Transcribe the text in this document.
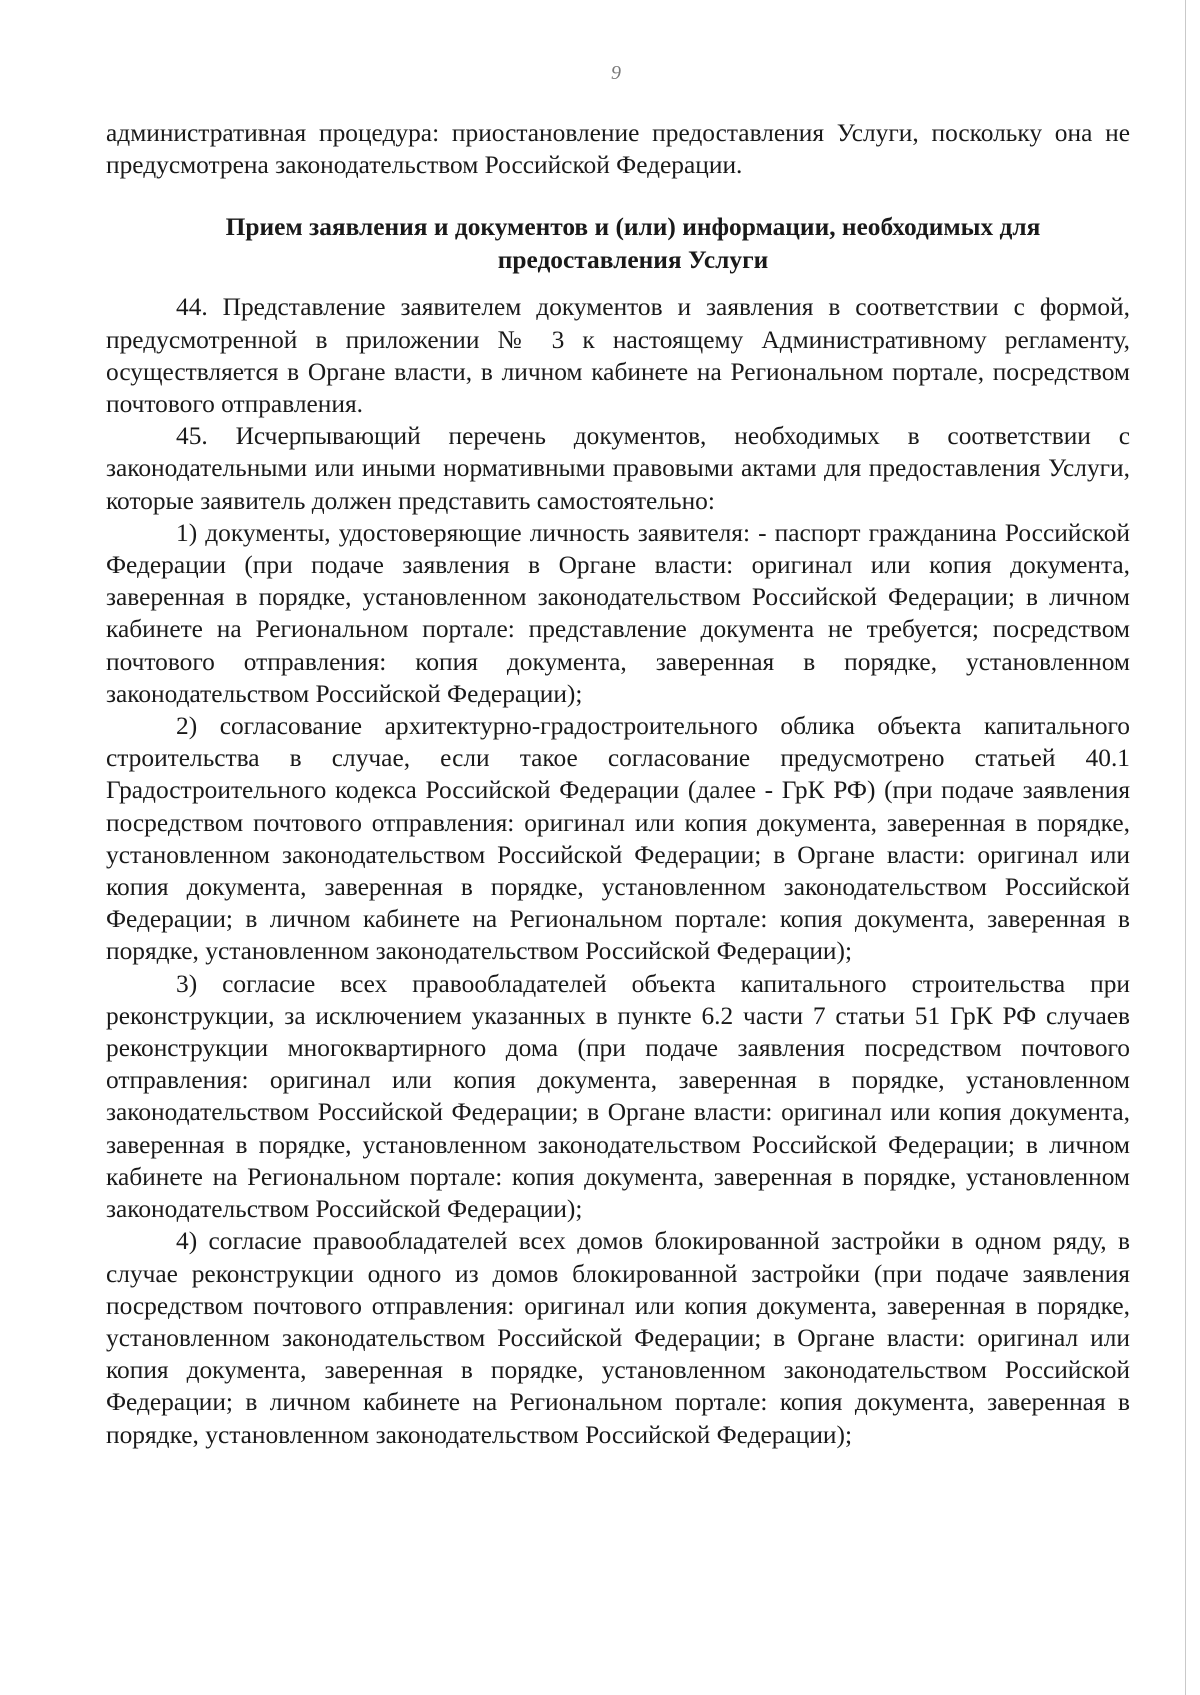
9

административная процедура: приостановление предоставления Услуги, поскольку она не предусмотрена законодательством Российской Федерации.

Прием заявления и документов и (или) информации, необходимых для
предоставления Услуги

44. Представление заявителем документов и заявления в соответствии с формой, предусмотренной в приложении № 3 к настоящему Административному регламенту, осуществляется в Органе власти, в личном кабинете на Региональном портале, посредством почтового отправления.

45. Исчерпывающий перечень документов, необходимых в соответствии с законодательными или иными нормативными правовыми актами для предоставления Услуги, которые заявитель должен представить самостоятельно:

1) документы, удостоверяющие личность заявителя: - паспорт гражданина Российской Федерации (при подаче заявления в Органе власти: оригинал или копия документа, заверенная в порядке, установленном законодательством Российской Федерации; в личном кабинете на Региональном портале: представление документа не требуется; посредством почтового отправления: копия документа, заверенная в порядке, установленном законодательством Российской Федерации);

2) согласование архитектурно-градостроительного облика объекта капитального строительства в случае, если такое согласование предусмотрено статьей 40.1 Градостроительного кодекса Российской Федерации (далее - ГрК РФ) (при подаче заявления посредством почтового отправления: оригинал или копия документа, заверенная в порядке, установленном законодательством Российской Федерации; в Органе власти: оригинал или копия документа, заверенная в порядке, установленном законодательством Российской Федерации; в личном кабинете на Региональном портале: копия документа, заверенная в порядке, установленном законодательством Российской Федерации);

3) согласие всех правообладателей объекта капитального строительства при реконструкции, за исключением указанных в пункте 6.2 части 7 статьи 51 ГрК РФ случаев реконструкции многоквартирного дома (при подаче заявления посредством почтового отправления: оригинал или копия документа, заверенная в порядке, установленном законодательством Российской Федерации; в Органе власти: оригинал или копия документа, заверенная в порядке, установленном законодательством Российской Федерации; в личном кабинете на Региональном портале: копия документа, заверенная в порядке, установленном законодательством Российской Федерации);

4) согласие правообладателей всех домов блокированной застройки в одном ряду, в случае реконструкции одного из домов блокированной застройки (при подаче заявления посредством почтового отправления: оригинал или копия документа, заверенная в порядке, установленном законодательством Российской Федерации; в Органе власти: оригинал или копия документа, заверенная в порядке, установленном законодательством Российской Федерации; в личном кабинете на Региональном портале: копия документа, заверенная в порядке, установленном законодательством Российской Федерации);
